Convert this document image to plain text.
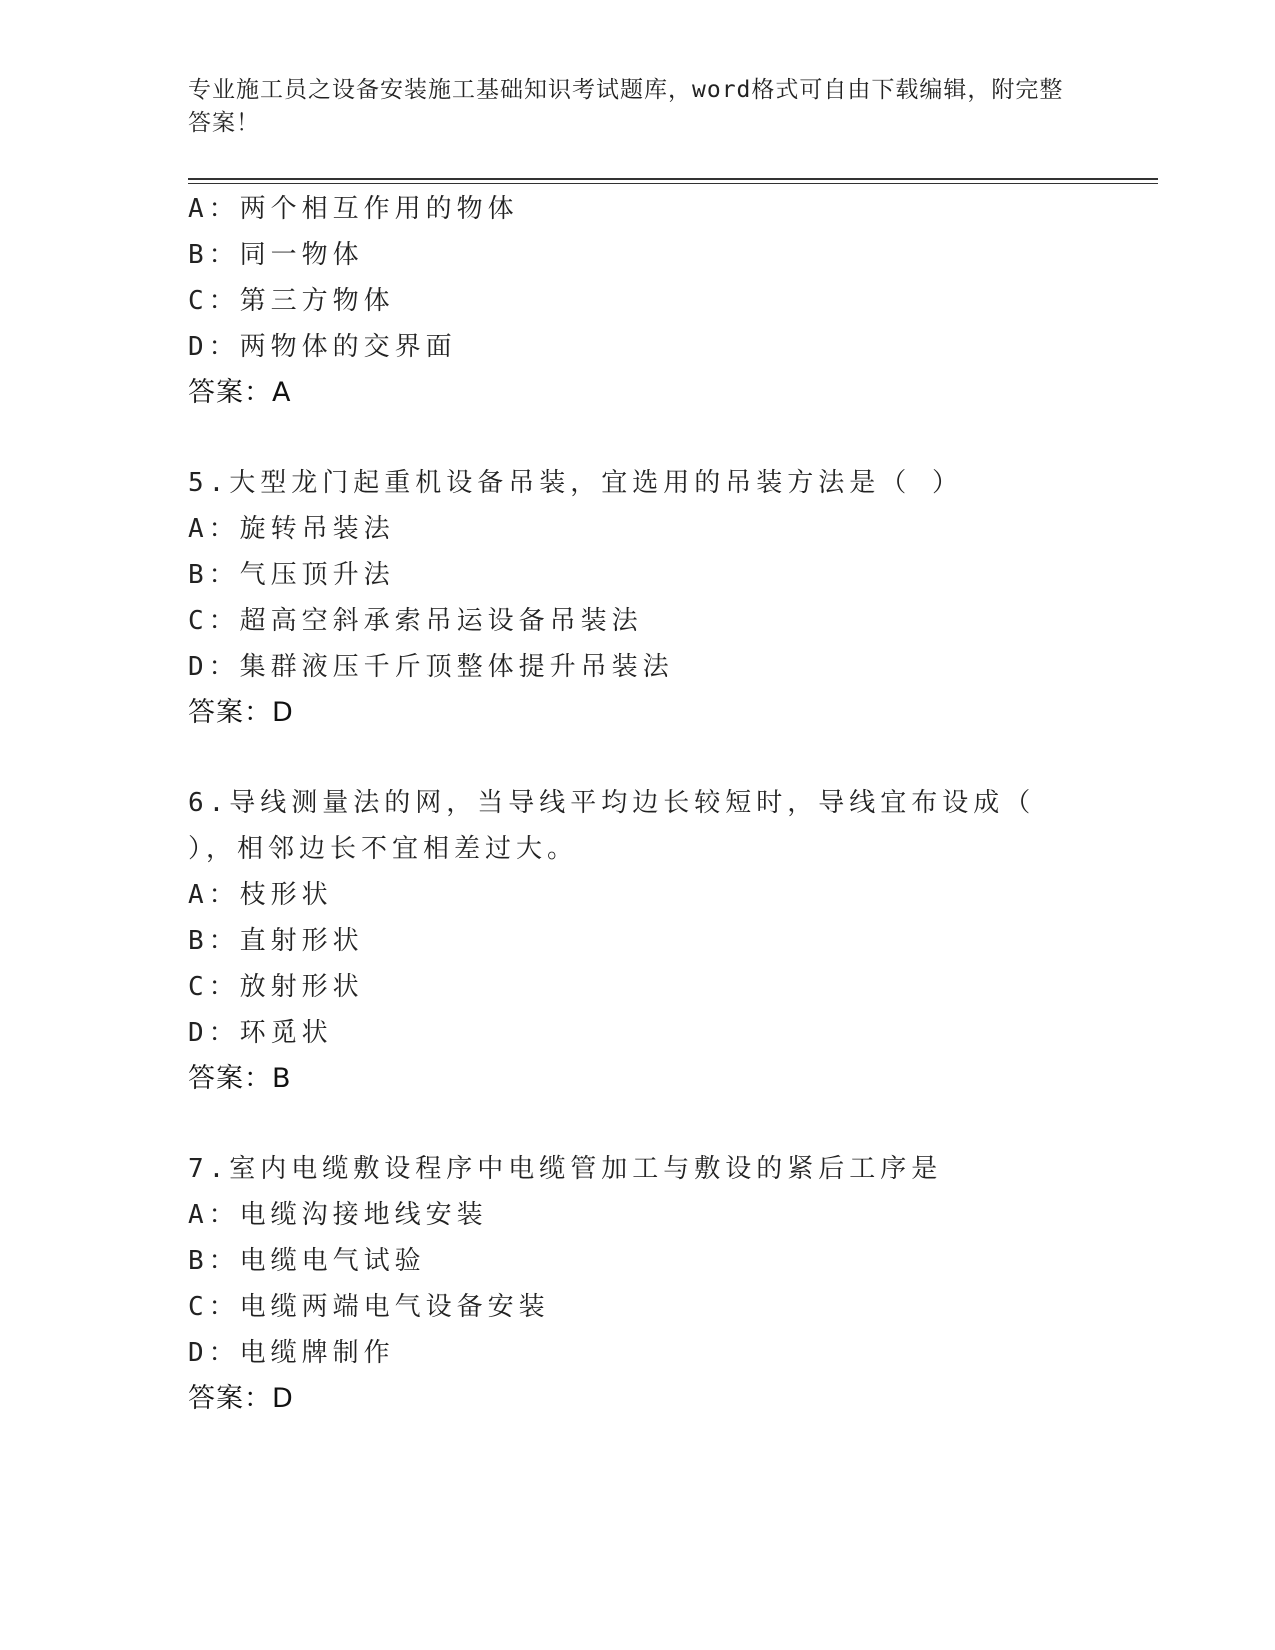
专业施工员之设备安装施工基础知识考试题库，word格式可自由下载编辑，附完整答案！
A：两个相互作用的物体
B：同一物体
C：第三方物体
D：两物体的交界面
答案：A
5.大型龙门起重机设备吊装，宜选用的吊装方法是（ ）
A：旋转吊装法
B：气压顶升法
C：超高空斜承索吊运设备吊装法
D：集群液压千斤顶整体提升吊装法
答案：D
6.导线测量法的网，当导线平均边长较短时，导线宜布设成（ ），相邻边长不宜相差过大。
A：枝形状
B：直射形状
C：放射形状
D：环觅状
答案：B
7.室内电缆敷设程序中电缆管加工与敷设的紧后工序是
A：电缆沟接地线安装
B：电缆电气试验
C：电缆两端电气设备安装
D：电缆牌制作
答案：D
